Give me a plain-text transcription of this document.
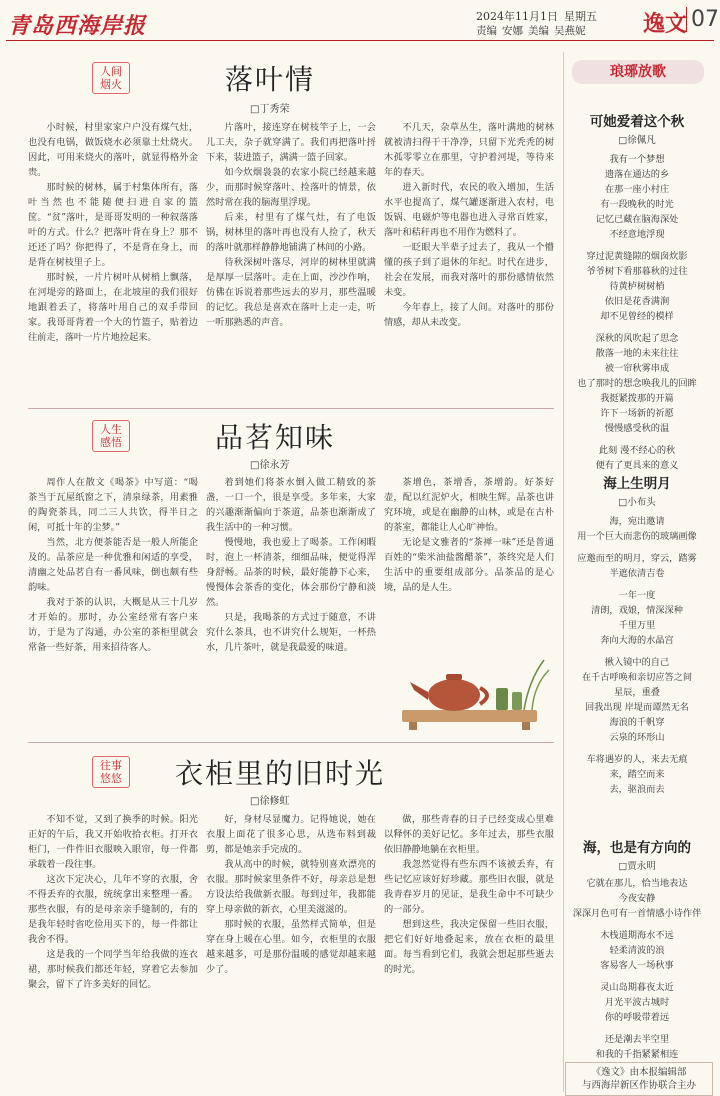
青岛西海岸报	2024年11月1日 星期五
责编 安娜 美编 吴燕妮	逸文 07
人间烟火	落叶情
□丁秀荣

小时候，村里家家户户没有煤气灶，也没有电锅，做饭烧水必须靠土灶烧火。因此，可用来烧火的落叶，就显得格外金贵。

那时候的树林，属于村集体所有，落叶当然也不能随便扫进自家的篮筐。“贫”落叶，是哥哥发明的一种叙落落叶的方式。什么？把落叶背在身上？那不还还了吗？你把得了，不是背在身上，而是背在树枝里子上。

那时候，一片片树叶从树梢上飘落，在河堤旁的路面上，在北坡崖的我们很好地跟着丢了，将落叶用自己的双手带回家。我哥哥背着一个大的竹篮子，贴着边往前走，落叶一片片地捡起来。

片落叶，接连穿在树枝竿子上，一会儿工夫，杂子就穿满了。我们再把落叶捋下来，装进篮子，满满一篮子回家。

如今炊烟袅袅的农家小院已经越来越少，而那时候穿落叶、捡落叶的情景，依然时常在我的脑海里浮现。

后来，村里有了煤气灶，有了电饭锅，树林里的落叶再也没有人捡了，秋天的落叶就那样静静地铺满了林间的小路。

待秋深树叶落尽，河岸的树林里就满是厚厚一层落叶。走在上面，沙沙作响，仿佛在诉说着那些远去的岁月，那些温暖的记忆。我总是喜欢在落叶上走一走，听一听那熟悉的声音。

不几天，杂草丛生，落叶满地的树林就被清扫得干干净净，只留下光秃秃的树木孤零零立在那里，守护着河堤，等待来年的春天。

进入新时代，农民的收入增加，生活水平也提高了，煤气罐逐渐进入农村，电饭锅、电磁炉等电器也进入寻常百姓家，落叶和秸秆再也不用作为燃料了。

一眨眼大半辈子过去了，我从一个懵懂的孩子到了退休的年纪。时代在进步，社会在发展，而我对落叶的那份感情依然未变。

今年春上，接了人间。对落叶的那份情感，却从未改变。

人生感悟	品茗知味
□徐永芳

周作人在散文《喝茶》中写道：“喝茶当于瓦屋纸窗之下，清泉绿茶，用素雅的陶瓷茶具，同二三人共饮，得半日之闲，可抵十年的尘梦。”

当然，北方便茶能否是一般人所能企及的。品茶应是一种优雅和闲适的享受，清幽之处品茗自有一番风味，倒也颇有些韵味。

我对于茶的认识，大概是从三十几岁才开始的。那时，办公室经常有客户来访，于是为了沟通，办公室的茶柜里就会常备一些好茶，用来招待客人。

着到她们将茶水倒入做工精致的茶盏，一口一个，很是享受。多年来，大家的兴趣渐渐偏向于茶道，品茶也渐渐成了我生活中的一种习惯。

慢慢地，我也爱上了喝茶。工作闲暇时，泡上一杯清茶，细细品味，便觉得浑身舒畅。品茶的时候，最好能静下心来，慢慢体会茶香的变化，体会那份宁静和淡然。

只是，我喝茶的方式过于随意，不讲究什么茶具，也不讲究什么规矩，一杯热水，几片茶叶，就是我最爱的味道。

茶增色，茶增香，茶增韵。好茶好壶，配以红泥炉火，相映生辉。品茶也讲究环境，或是在幽静的山林，或是在古朴的茶室，都能让人心旷神怡。

无论是文雅者的“茶禅一味”还是普通百姓的“柴米油盐酱醋茶”，茶终究是人们生活中的重要组成部分。品茶品的是心境，品的是人生。

往事悠悠 衣柜里的旧时光
□徐修虹

不知不觉，又到了换季的时候。阳光正好的午后，我又开始收拾衣柜。打开衣柜门，一件件旧衣服映入眼帘，每一件都承载着一段往事。

这次下定决心，几年不穿的衣服，舍不得丢弃的衣服，统统拿出来整理一番。那些衣服，有的是母亲亲手缝制的，有的是我年轻时省吃俭用买下的，每一件都让我舍不得。

这是我的一个同学当年给我做的连衣裙，那时候我们都还年轻，穿着它去参加聚会，留下了许多美好的回忆。

好，身材尽显魔力。记得她说，她在衣服上面花了很多心思，从选布料到裁剪，都是她亲手完成的。

我从高中的时候，就特别喜欢漂亮的衣服。那时候家里条件不好，母亲总是想方设法给我做新衣服。每到过年，我都能穿上母亲做的新衣，心里美滋滋的。

那时候的衣服，虽然样式简单，但是穿在身上暖在心里。如今，衣柜里的衣服越来越多，可是那份温暖的感觉却越来越少了。

做，那些青春的日子已经变成心里难以释怀的美好记忆。多年过去，那些衣服依旧静静地躺在衣柜里。

我忽然觉得有些东西不该被丢弃，有些记忆应该好好珍藏。那些旧衣服，就是我青春岁月的见证，是我生命中不可缺少的一部分。

想到这些，我决定保留一些旧衣服，把它们好好地叠起来，放在衣柜的最里面。每当看到它们，我就会想起那些逝去的时光。

琅琊放歌
可她爱着这个秋
□徐佩凡
我有一个梦想
遗落在通达的乡
在那一座小村庄
有一段晚秋的时光
记忆已藏在脑海深处
不经意地浮现
穿过泥黄缝隙的烟囱炊影
爷爷树下看那暮秋的过往
待黄栌树树梢
依旧是花香满涧
却不见曾经的模样
深秋的风吹起了思念
散落一地的未来往往
被一帘秋雾串成
也了那时的想念唤我儿的回眸
我挺紧拨那的开篇
许下一场新的祈愿
慢慢感受秋的温
此刻 漫不经心的秋
便有了更具来的意义
海上生明月
□小布头
海，宛出邀请
用一个巨大而悲伤的玻璃画像
应邀而至的明月，穿云，踏雾
半遮依清吉卷
一年一度
清朗，戏娘，情深深种
千里万里
奔向大海的水晶宫
揪入镜中的自己
在千古呼唤和亲切应答之间
星辰，重叠
回我出现 岸堤而谭然无名
海浪的千帆穿
云泉的环形山
车将遇岁的人，来去无痕
来，踏空而来
去，驱浪而去
海，也是有方向的
□贾永明
它就在那儿，恰当地表达
今夜安静
深深月色可有一首情感小诗作伴
木栈道期海水不远
轻柔清波的浪
客易客人一场秋事
灵山岛期暮夜太近
月光平波古城时
你的呼吸带着远
还是潮去半空里
和我的千指紧紧相连
《逸文》由本报编辑部
与西海岸新区作协联合主办
